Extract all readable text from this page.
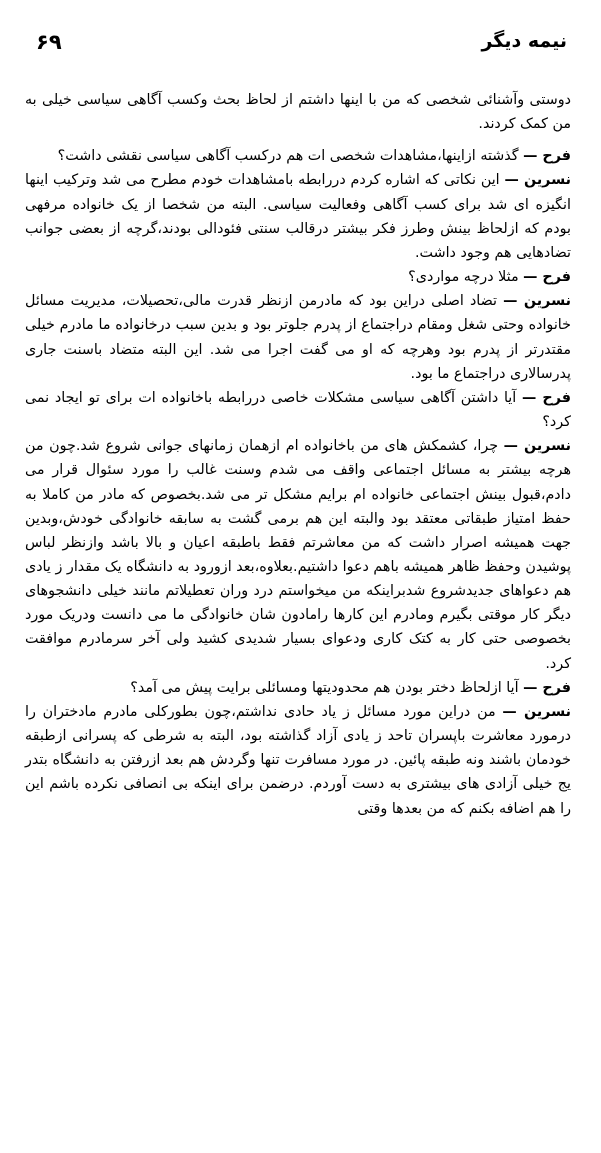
نیمه دیگر
۶۹

دوستی وآشنائی شخصی که من با اینها داشتم از لحاظ بحث وکسب آگاهی سیاسی خیلی به من کمک کردند.

فرح — گذشته ازاینها،مشاهدات شخصی ات هم درکسب آگاهی سیاسی نقشی داشت؟

نسرین — این نکاتی که اشاره کردم دررابطه بامشاهدات خودم مطرح می شد وترکیب اینها انگیزه ای شد برای کسب آگاهی وفعالیت سیاسی. البته من شخصا از یک خانواده مرفهی بودم که ازلحاظ بینش وطرز فکر بیشتر درقالب سنتی فئودالی بودند،گرچه از بعضی جوانب تضادهایی هم وجود داشت.

فرح — مثلا درچه مواردی؟

نسرین — تضاد اصلی دراین بود که مادرمن ازنظر قدرت مالی،تحصیلات، مدیریت مسائل خانواده وحتی شغل ومقام دراجتماع از پدرم جلوتر بود و بدین سبب درخانواده ما مادرم خیلی مقتدرتر از پدرم بود وهرچه که او می گفت اجرا می شد. این البته متضاد باسنت جاری پدرسالاری دراجتماع ما بود.

فرح — آیا داشتن آگاهی سیاسی مشکلات خاصی دررابطه باخانواده ات برای تو ایجاد نمی کرد؟

نسرین — چرا، کشمکش های من باخانواده ام ازهمان زمانهای جوانی شروع شد.چون من هرچه بیشتر به مسائل اجتماعی واقف می شدم وسنت غالب را مورد سئوال قرار می دادم،قبول بینش اجتماعی خانواده ام برایم مشکل تر می شد.بخصوص که مادر من کاملا به حفظ امتیاز طبقاتی معتقد بود والبته این هم برمی گشت به سابقه خانوادگی خودش،وبدین جهت همیشه اصرار داشت که من معاشرتم فقط باطبقه اعیان و بالا باشد وازنظر لباس پوشیدن وحفظ ظاهر همیشه باهم دعوا داشتیم.بعلاوه،بعد ازورود به دانشگاه یک مقدار ز یادی هم دعواهای جدیدشروع شدبراینکه من میخواستم درد وران تعطیلاتم مانند خیلی دانشجوهای دیگر کار موقتی بگیرم ومادرم این کارها رامادون شان خانوادگی ما می دانست ودریک مورد بخصوصی حتی کار به کتک کاری ودعوای بسیار شدیدی کشید ولی آخر سرمادرم موافقت کرد.

فرح — آیا ازلحاظ دختر بودن هم محدودیتها ومسائلی برایت پیش می آمد؟

نسرین — من دراین مورد مسائل ز یاد حادی نداشتم،چون بطورکلی مادرم مادختران را درمورد معاشرت باپسران تاحد ز یادی آزاد گذاشته بود، البته به شرطی که پسرانی ازطبقه خودمان باشند ونه طبقه پائین. در مورد مسافرت تنها وگردش هم بعد ازرفتن به دانشگاه بتدر یج خیلی آزادی های بیشتری به دست آوردم. درضمن برای اینکه بی انصافی نکرده باشم این را هم اضافه بکنم که من بعدها وقتی
